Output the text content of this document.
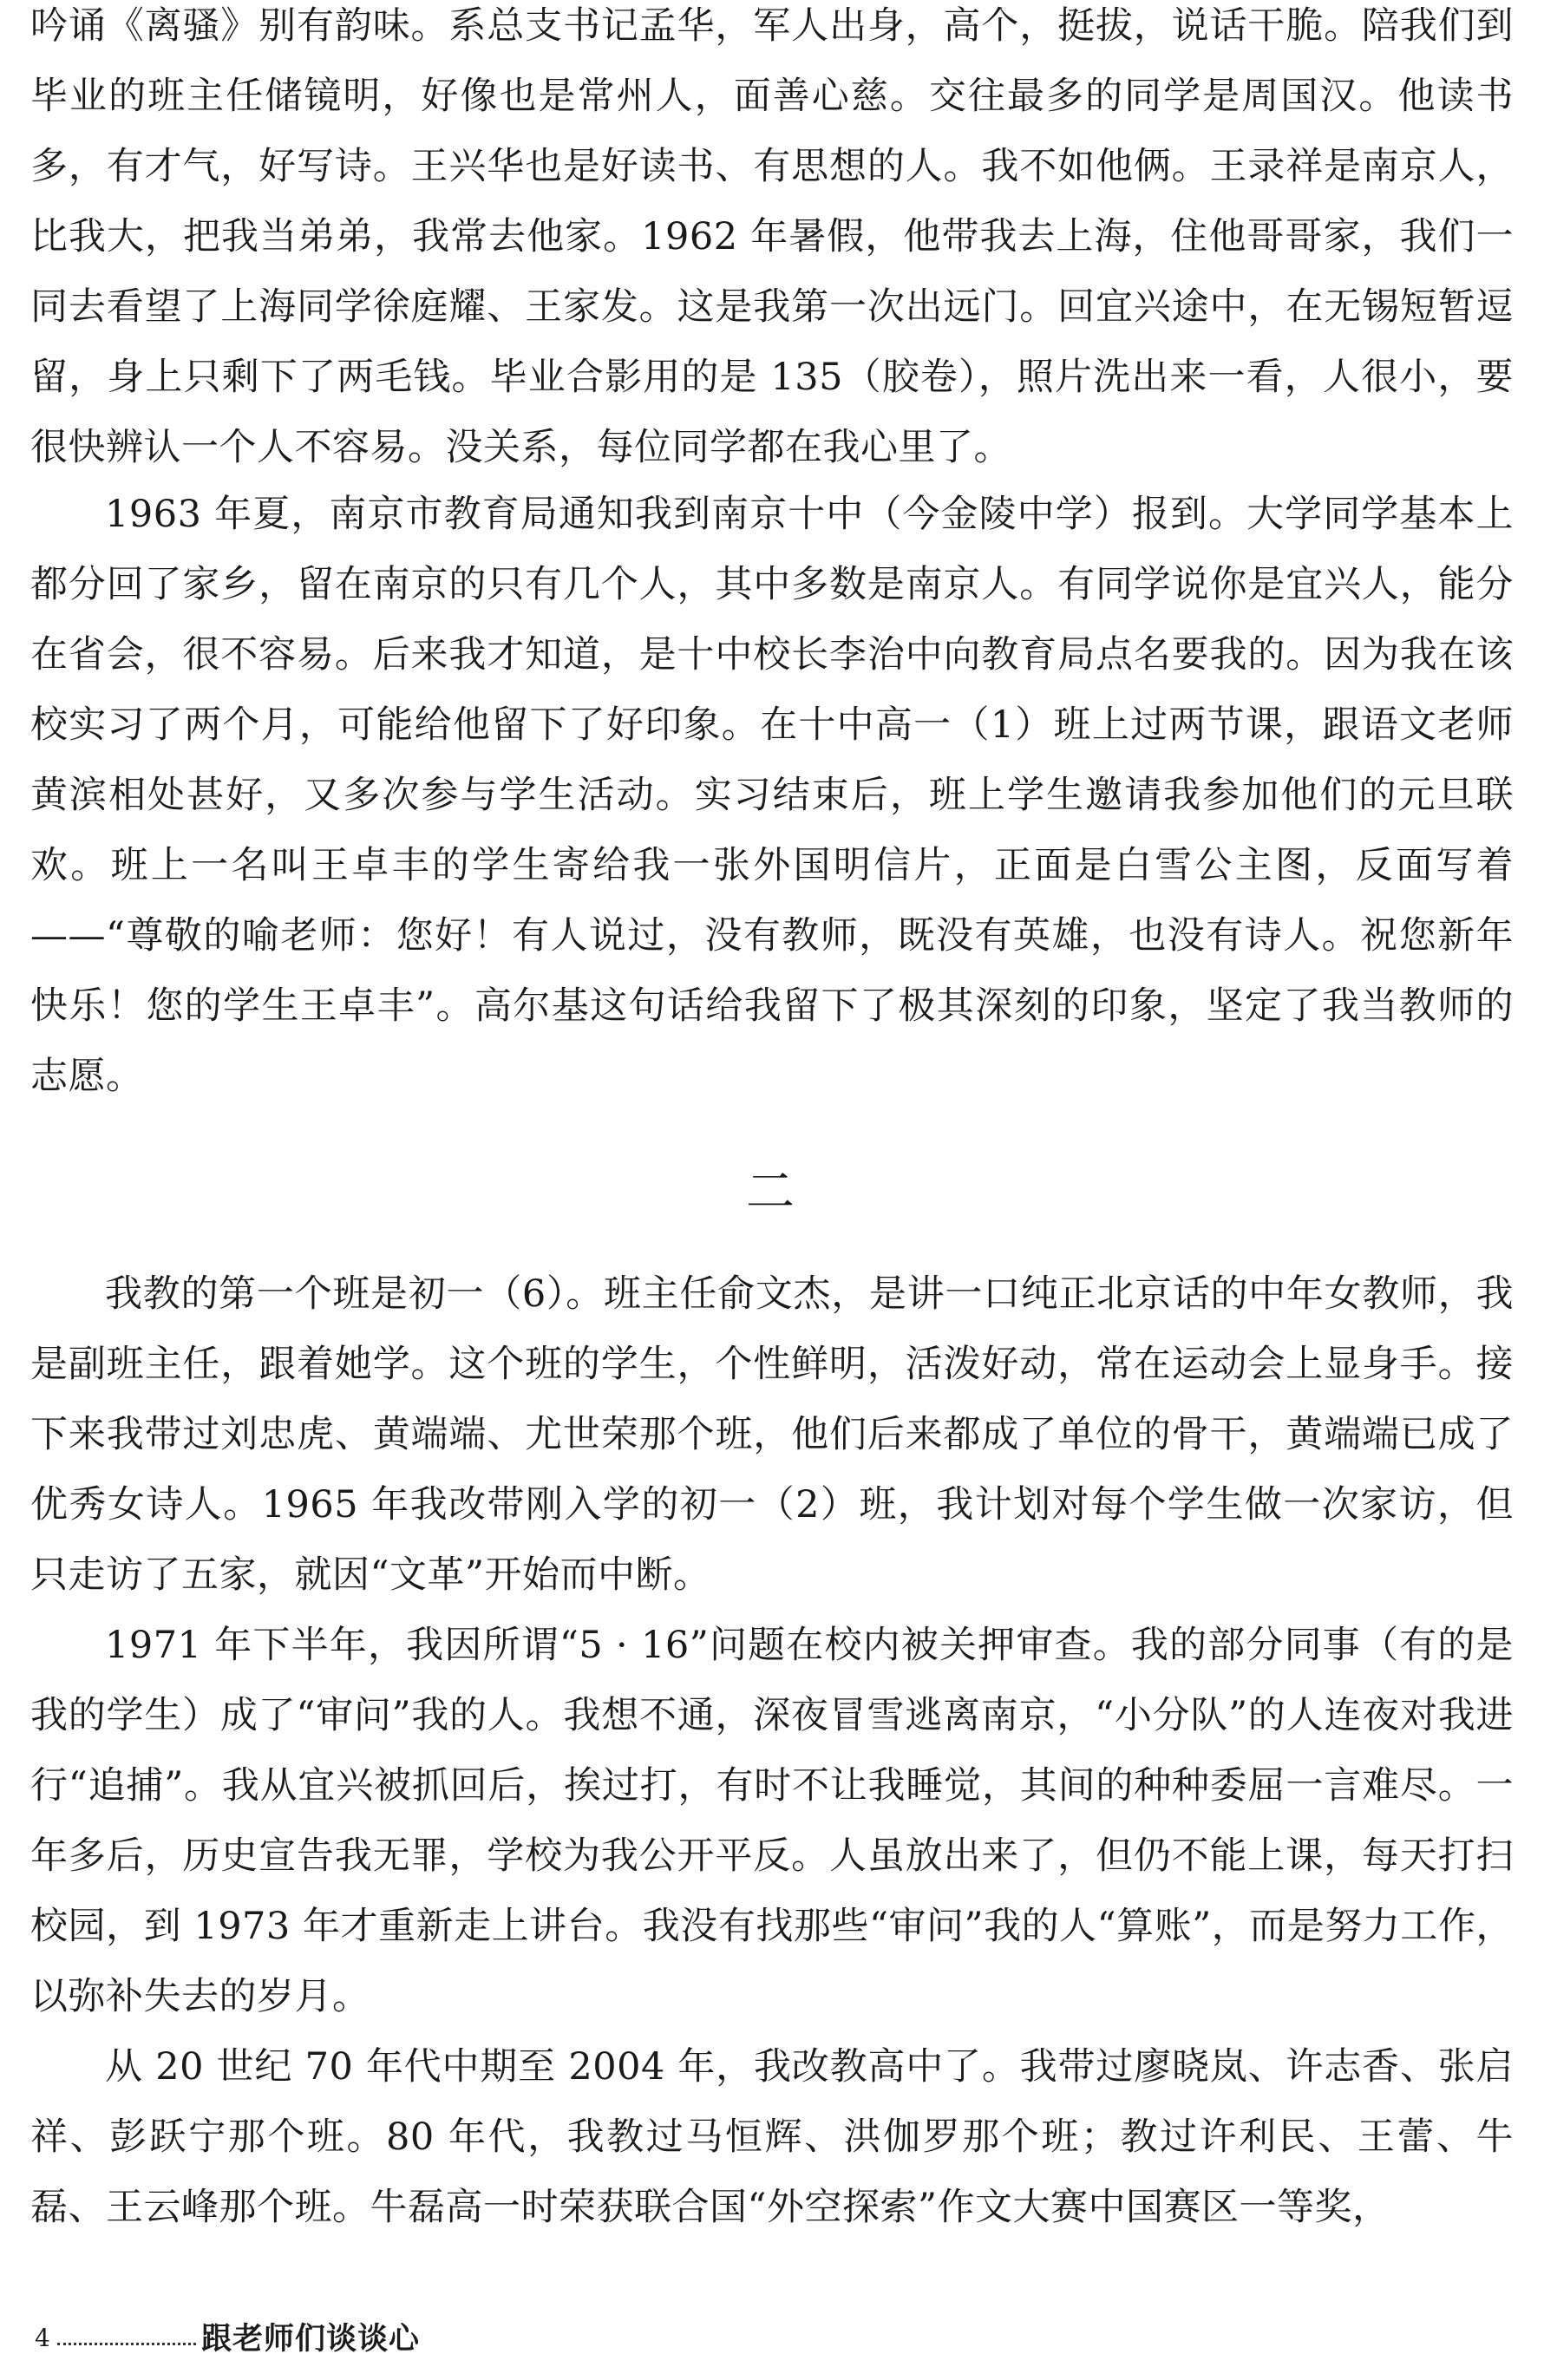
吟诵《离骚》别有韵味。系总支书记孟华，军人出身，高个，挺拔，说话干脆。陪我们到毕业的班主任储镜明，好像也是常州人，面善心慈。交往最多的同学是周国汉。他读书多，有才气，好写诗。王兴华也是好读书、有思想的人。我不如他俩。王录祥是南京人，比我大，把我当弟弟，我常去他家。1962 年暑假，他带我去上海，住他哥哥家，我们一同去看望了上海同学徐庭耀、王家发。这是我第一次出远门。回宜兴途中，在无锡短暂逗留，身上只剩下了两毛钱。毕业合影用的是 135（胶卷），照片洗出来一看，人很小，要很快辨认一个人不容易。没关系，每位同学都在我心里了。

1963 年夏，南京市教育局通知我到南京十中（今金陵中学）报到。大学同学基本上都分回了家乡，留在南京的只有几个人，其中多数是南京人。有同学说你是宜兴人，能分在省会，很不容易。后来我才知道，是十中校长李治中向教育局点名要我的。因为我在该校实习了两个月，可能给他留下了好印象。在十中高一（1）班上过两节课，跟语文老师黄滨相处甚好，又多次参与学生活动。实习结束后，班上学生邀请我参加他们的元旦联欢。班上一名叫王卓丰的学生寄给我一张外国明信片，正面是白雪公主图，反面写着——“尊敬的喻老师：您好！有人说过，没有教师，既没有英雄，也没有诗人。祝您新年快乐！您的学生王卓丰”。高尔基这句话给我留下了极其深刻的印象，坚定了我当教师的志愿。

二

我教的第一个班是初一（6）。班主任俞文杰，是讲一口纯正北京话的中年女教师，我是副班主任，跟着她学。这个班的学生，个性鲜明，活泼好动，常在运动会上显身手。接下来我带过刘忠虎、黄端端、尤世荣那个班，他们后来都成了单位的骨干，黄端端已成了优秀女诗人。1965 年我改带刚入学的初一（2）班，我计划对每个学生做一次家访，但只走访了五家，就因“文革”开始而中断。

1971 年下半年，我因所谓“5 · 16”问题在校内被关押审查。我的部分同事（有的是我的学生）成了“审问”我的人。我想不通，深夜冒雪逃离南京，“小分队”的人连夜对我进行“追捕”。我从宜兴被抓回后，挨过打，有时不让我睡觉，其间的种种委屈一言难尽。一年多后，历史宣告我无罪，学校为我公开平反。人虽放出来了，但仍不能上课，每天打扫校园，到 1973 年才重新走上讲台。我没有找那些“审问”我的人“算账”，而是努力工作，以弥补失去的岁月。

从 20 世纪 70 年代中期至 2004 年，我改教高中了。我带过廖晓岚、许志香、张启祥、彭跃宁那个班。80 年代，我教过马恒辉、洪伽罗那个班；教过许利民、王蕾、牛磊、王云峰那个班。牛磊高一时荣获联合国“外空探索”作文大赛中国赛区一等奖，

4	跟老师们谈谈心
